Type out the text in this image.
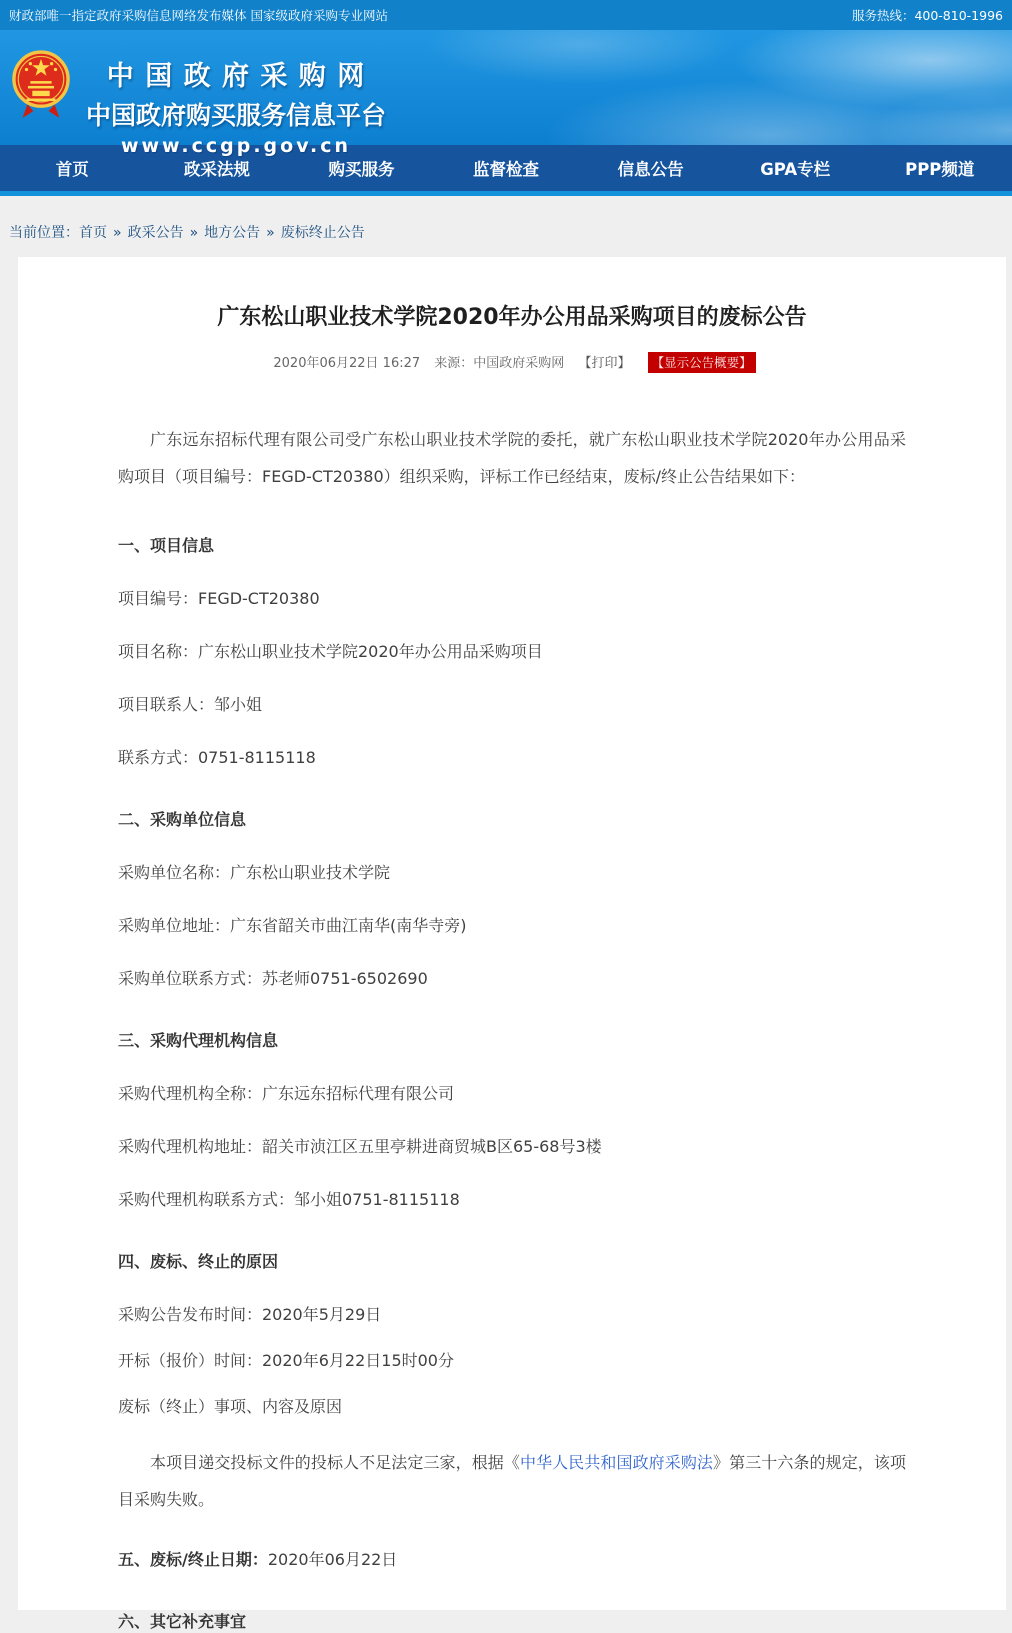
财政部唯一指定政府采购信息网络发布媒体 国家级政府采购专业网站	服务热线：400-810-1996
中 国 政 府 采 购 网
中国政府购买服务信息平台
www.ccgp.gov.cn
首页	政采法规	购买服务	监督检查	信息公告	GPA专栏	PPP频道
当前位置：首页 » 政采公告 » 地方公告 » 废标终止公告
广东松山职业技术学院2020年办公用品采购项目的废标公告
2020年06月22日 16:27 来源：中国政府采购网 【打印】 【显示公告概要】

广东远东招标代理有限公司受广东松山职业技术学院的委托，就广东松山职业技术学院2020年办公用品采购项目（项目编号：FEGD-CT20380）组织采购，评标工作已经结束，废标/终止公告结果如下：

一、项目信息

项目编号：FEGD-CT20380

项目名称：广东松山职业技术学院2020年办公用品采购项目

项目联系人：邹小姐

联系方式：0751-8115118

二、采购单位信息

采购单位名称：广东松山职业技术学院

采购单位地址：广东省韶关市曲江南华(南华寺旁)

采购单位联系方式：苏老师0751-6502690

三、采购代理机构信息

采购代理机构全称：广东远东招标代理有限公司

采购代理机构地址：韶关市浈江区五里亭耕进商贸城B区65-68号3楼

采购代理机构联系方式：邹小姐0751-8115118

四、废标、终止的原因

采购公告发布时间：2020年5月29日

开标（报价）时间：2020年6月22日15时00分

废标（终止）事项、内容及原因

本项目递交投标文件的投标人不足法定三家，根据《中华人民共和国政府采购法》第三十六条的规定，该项目采购失败。

五、废标/终止日期：2020年06月22日

六、其它补充事宜
